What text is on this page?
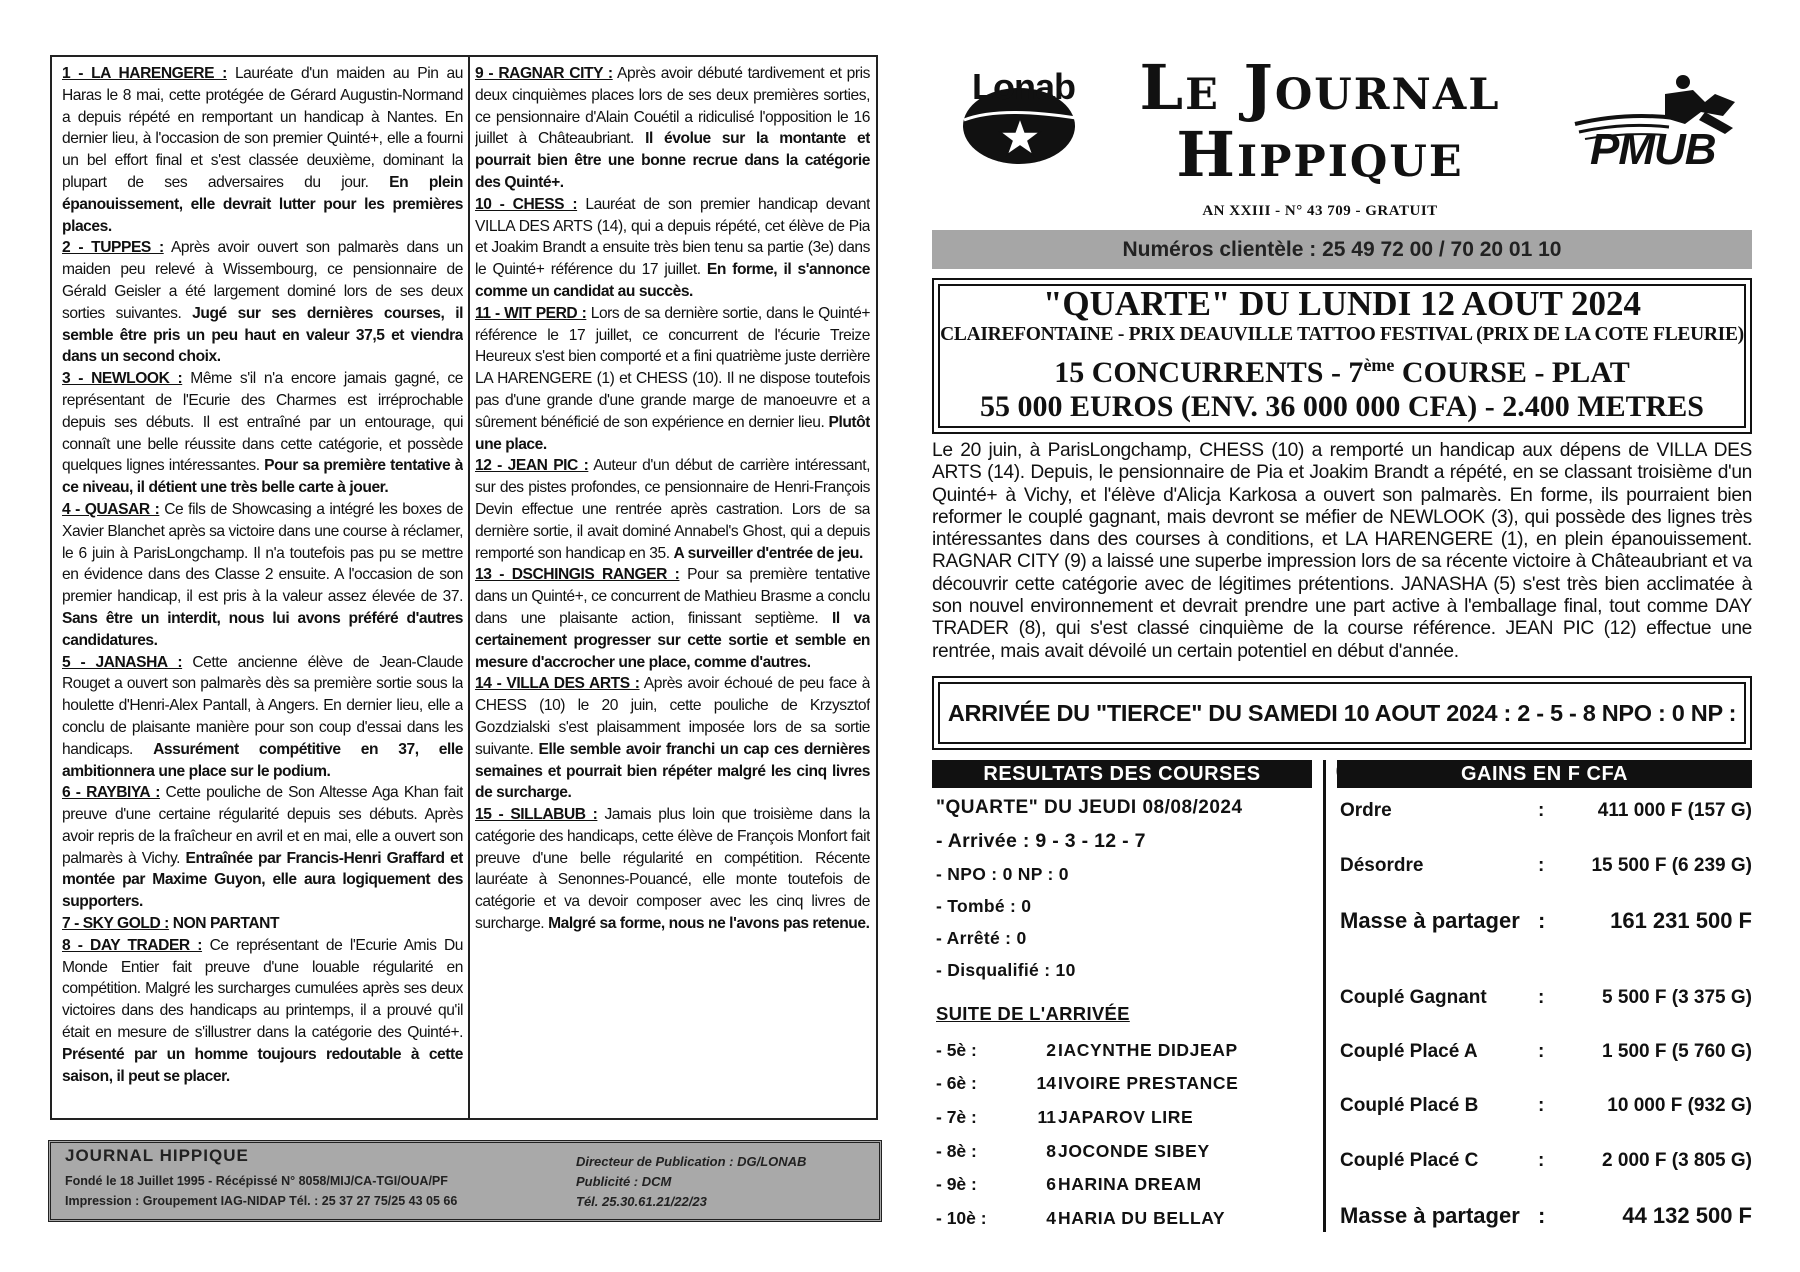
1 - LA HARENGERE : Lauréate d'un maiden au Pin au Haras le 8 mai, cette protégée de Gérard Augustin-Normand a depuis répété en remportant un handicap à Nantes. En dernier lieu, à l'occasion de son premier Quinté+, elle a fourni un bel effort final et s'est classée deuxième, dominant la plupart de ses adversaires du jour. En plein épanouissement, elle devrait lutter pour les premières places.

2 - TUPPES : Après avoir ouvert son palmarès dans un maiden peu relevé à Wissembourg, ce pensionnaire de Gérald Geisler a été largement dominé lors de ses deux sorties suivantes. Jugé sur ses dernières courses, il semble être pris un peu haut en valeur 37,5 et viendra dans un second choix.

3 - NEWLOOK : Même s'il n'a encore jamais gagné, ce représentant de l'Ecurie des Charmes est irréprochable depuis ses débuts. Il est entraîné par un entourage, qui connaît une belle réussite dans cette catégorie, et possède quelques lignes intéressantes. Pour sa première tentative à ce niveau, il détient une très belle carte à jouer.

4 - QUASAR : Ce fils de Showcasing a intégré les boxes de Xavier Blanchet après sa victoire dans une course à réclamer, le 6 juin à ParisLongchamp. Il n'a toutefois pas pu se mettre en évidence dans des Classe 2 ensuite. A l'occasion de son premier handicap, il est pris à la valeur assez élevée de 37. Sans être un interdit, nous lui avons préféré d'autres candidatures.

5 - JANASHA : Cette ancienne élève de Jean-Claude Rouget a ouvert son palmarès dès sa première sortie sous la houlette d'Henri-Alex Pantall, à Angers. En dernier lieu, elle a conclu de plaisante manière pour son coup d'essai dans les handicaps. Assurément compétitive en 37, elle ambitionnera une place sur le podium.

6 - RAYBIYA : Cette pouliche de Son Altesse Aga Khan fait preuve d'une certaine régularité depuis ses débuts. Après avoir repris de la fraîcheur en avril et en mai, elle a ouvert son palmarès à Vichy. Entraînée par Francis-Henri Graffard et montée par Maxime Guyon, elle aura logiquement des supporters.

7 - SKY GOLD : NON PARTANT

8 - DAY TRADER : Ce représentant de l'Ecurie Amis Du Monde Entier fait preuve d'une louable régularité en compétition. Malgré les surcharges cumulées après ses deux victoires dans des handicaps au printemps, il a prouvé qu'il était en mesure de s'illustrer dans la catégorie des Quinté+. Présenté par un homme toujours redoutable à cette saison, il peut se placer.

9 - RAGNAR CITY : Après avoir débuté tardivement et pris deux cinquièmes places lors de ses deux premières sorties, ce pensionnaire d'Alain Couétil a ridiculisé l'opposition le 16 juillet à Châteaubriant. Il évolue sur la montante et pourrait bien être une bonne recrue dans la catégorie des Quinté+.

10 - CHESS : Lauréat de son premier handicap devant VILLA DES ARTS (14), qui a depuis répété, cet élève de Pia et Joakim Brandt a ensuite très bien tenu sa partie (3e) dans le Quinté+ référence du 17 juillet. En forme, il s'annonce comme un candidat au succès.

11 - WIT PERD : Lors de sa dernière sortie, dans le Quinté+ référence le 17 juillet, ce concurrent de l'écurie Treize Heureux s'est bien comporté et a fini quatrième juste derrière LA HARENGERE (1) et CHESS (10). Il ne dispose toutefois pas d'une grande d'une grande marge de manoeuvre et a sûrement bénéficié de son expérience en dernier lieu. Plutôt une place.

12 - JEAN PIC : Auteur d'un début de carrière intéressant, sur des pistes profondes, ce pensionnaire de Henri-François Devin effectue une rentrée après castration. Lors de sa dernière sortie, il avait dominé Annabel's Ghost, qui a depuis remporté son handicap en 35. A surveiller d'entrée de jeu.

13 - DSCHINGIS RANGER : Pour sa première tentative dans un Quinté+, ce concurrent de Mathieu Brasme a conclu dans une plaisante action, finissant septième. Il va certainement progresser sur cette sortie et semble en mesure d'accrocher une place, comme d'autres.

14 - VILLA DES ARTS : Après avoir échoué de peu face à CHESS (10) le 20 juin, cette pouliche de Krzysztof Gozdzialski s'est plaisamment imposée lors de sa sortie suivante. Elle semble avoir franchi un cap ces dernières semaines et pourrait bien répéter malgré les cinq livres de surcharge.

15 - SILLABUB : Jamais plus loin que troisième dans la catégorie des handicaps, cette élève de François Monfort fait preuve d'une belle régularité en compétition. Récente lauréate à Senonnes-Pouancé, elle monte toutefois de catégorie et va devoir composer avec les cinq livres de surcharge. Malgré sa forme, nous ne l'avons pas retenue.

JOURNAL HIPPIQUE
Fondé le 18 Juillet 1995 - Récépissé N° 8058/MIJ/CA-TGI/OUA/PF
Impression : Groupement IAG-NIDAP Tél. : 25 37 27 75/25 43 05 66
Directeur de Publication : DG/LONAB
Publicité : DCM
Tél. 25.30.61.21/22/23
Lonab	Le Journal
Hippique
AN XXIII - N° 43 709 - GRATUIT
PMUB
Numéros clientèle : 25 49 72 00 / 70 20 01 10
"QUARTE" DU LUNDI 12 AOUT 2024
CLAIREFONTAINE - PRIX DEAUVILLE TATTOO FESTIVAL (PRIX DE LA COTE FLEURIE)
15 CONCURRENTS - 7ème COURSE - PLAT
55 000 EUROS (ENV. 36 000 000 CFA) - 2.400 METRES
Le 20 juin, à ParisLongchamp, CHESS (10) a remporté un handicap aux dépens de VILLA DES ARTS (14). Depuis, le pensionnaire de Pia et Joakim Brandt a répété, en se classant troisième d'un Quinté+ à Vichy, et l'élève d'Alicja Karkosa a ouvert son palmarès. En forme, ils pourraient bien reformer le couplé gagnant, mais devront se méfier de NEWLOOK (3), qui possède des lignes très intéressantes dans des courses à conditions, et LA HARENGERE (1), en plein épanouissement. RAGNAR CITY (9) a laissé une superbe impression lors de sa récente victoire à Châteaubriant et va découvrir cette catégorie avec de légitimes prétentions. JANASHA (5) s'est très bien acclimatée à son nouvel environnement et devrait prendre une part active à l'emballage final, tout comme DAY TRADER (8), qui s'est classé cinquième de la course référence. JEAN PIC (12) effectue une rentrée, mais avait dévoilé un certain potentiel en début d'année.
ARRIVÉE DU "TIERCE" DU SAMEDI 10 AOUT 2024 : 2 - 5 - 8 NPO : 0 NP :
RESULTATS DES COURSES	GAINS EN F CFA
"QUARTE" DU JEUDI 08/08/2024
- Arrivée : 9 - 3 - 12 - 7
- NPO : 0 NP : 0
- Tombé : 0
- Arrêté : 0
- Disqualifié : 10
SUITE DE L'ARRIVÉE
- 5è :	2 IACYNTHE DIDJEAP
- 6è :	14 IVOIRE PRESTANCE
- 7è :	11 JAPAROV LIRE
- 8è :	8 JOCONDE SIBEY
- 9è :	6 HARINA DREAM
- 10è :	4 HARIA DU BELLAY
Ordre	:	411 000 F (157 G)
Désordre	: 15 500 F (6 239 G)
Masse à partager :	161 231 500 F
Couplé Gagnant	:	5 500 F (3 375 G)
Couplé Placé A	:	1 500 F (5 760 G)
Couplé Placé B	:	10 000 F (932 G)
Couplé Placé C	:	2 000 F (3 805 G)
Masse à partager :	44 132 500 F
